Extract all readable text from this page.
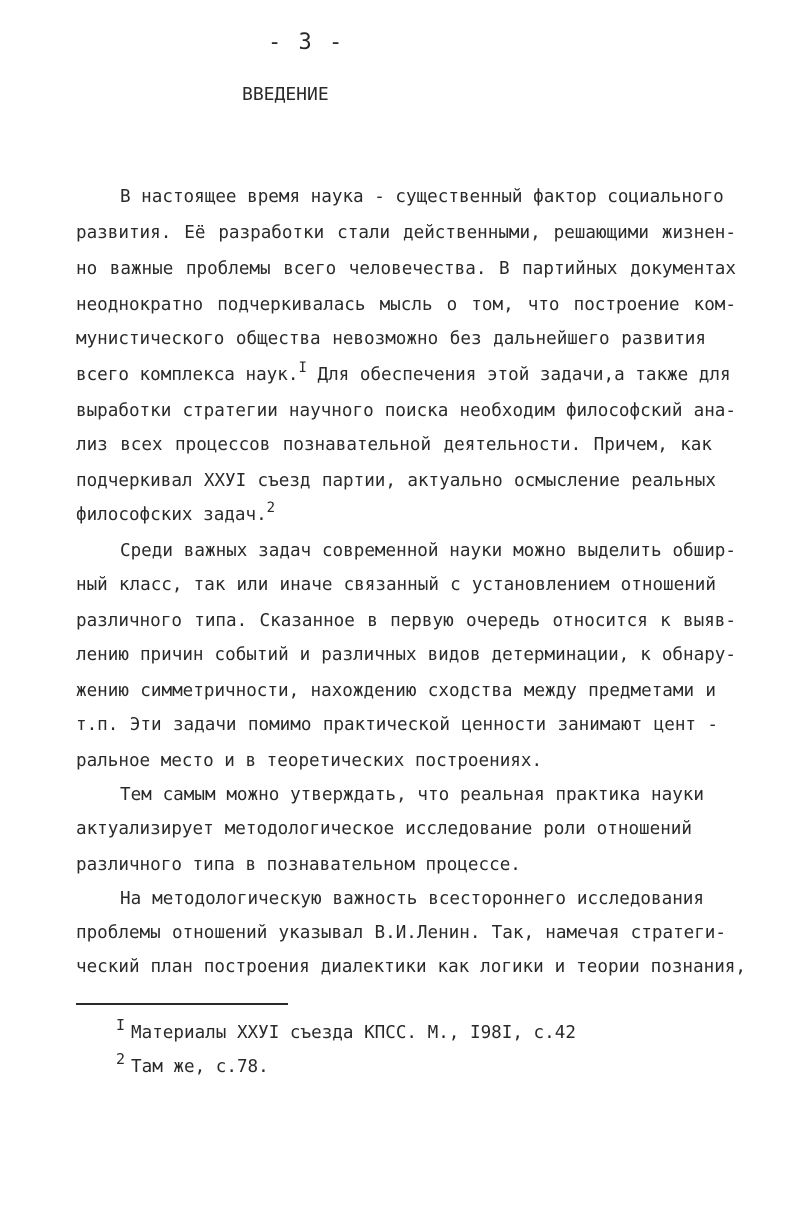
- 3 -
ВВЕДЕНИЕ
В настоящее время наука - существенный фактор социального
развития. Её разработки стали действенными, решающими жизнен-
но важные проблемы всего человечества. В партийных документах
неоднократно подчеркивалась мысль о том, что построение ком-
мунистического общества невозможно без дальнейшего развития
всего комплекса наук.$^I$ Для обеспечения этой задачи,а также для
выработки стратегии научного поиска необходим философский ана-
лиз всех процессов познавательной деятельности. Причем, как
подчеркивал ХХУI съезд партии, актуально осмысление реальных
философских задач.$^2$
Среди важных задач современной науки можно выделить обшир-
ный класс, так или иначе связанный с установлением отношений
различного типа. Сказанное в первую очередь относится к выяв-
лению причин событий и различных видов детерминации, к обнару-
жению симметричности, нахождению сходства между предметами и
т.п. Эти задачи помимо практической ценности занимают цент -
ральное место и в теоретических построениях.
Тем самым можно утверждать, что реальная практика науки
актуализирует методологическое исследование роли отношений
различного типа в познавательном процессе.
На методологическую важность всестороннего исследования
проблемы отношений указывал В.И.Ленин. Так, намечая стратеги-
ческий план построения диалектики как логики и теории познания,
I Материалы ХХУI съезда КПСС. М., I98I, с.42
2 Там же, с.78.
